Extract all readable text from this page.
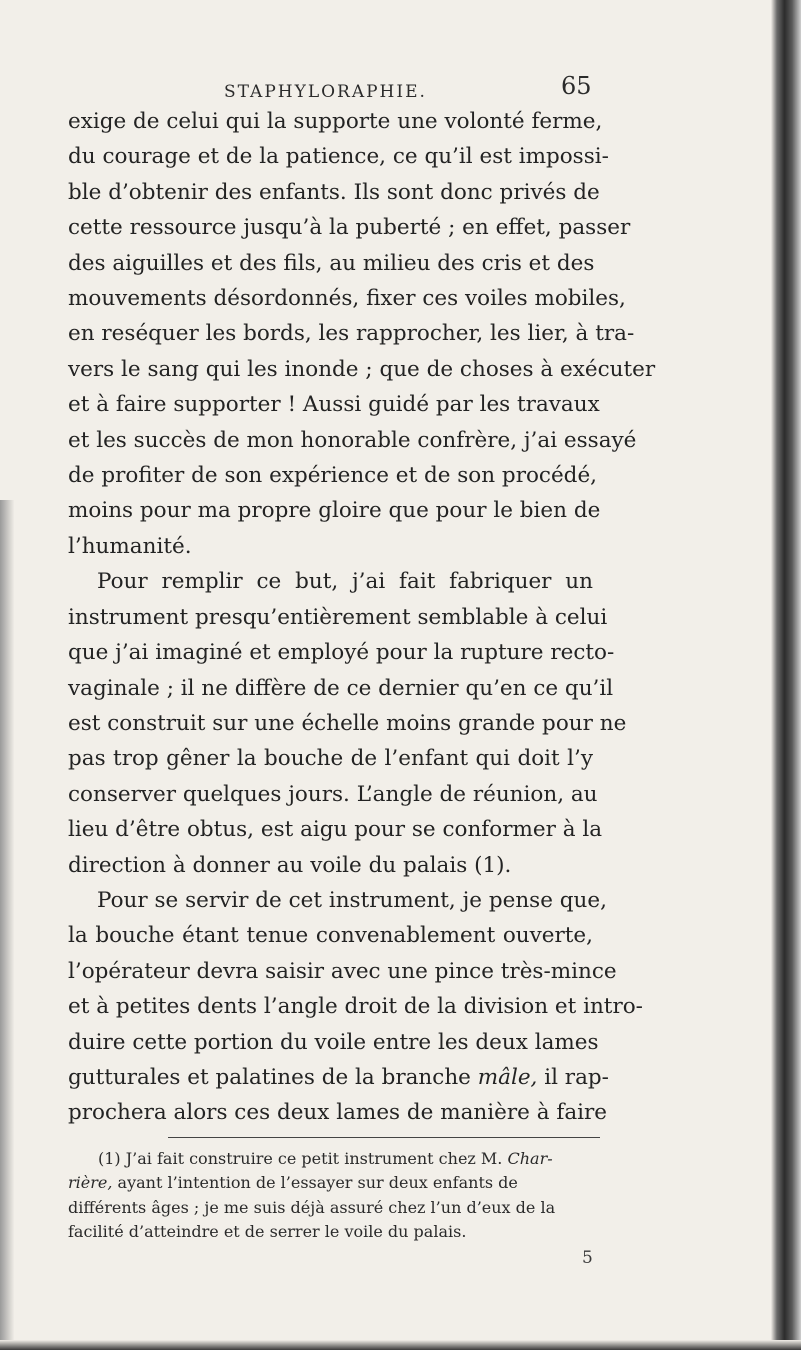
STAPHYLORAPHIE.	65
exige de celui qui la supporte une volonté ferme,
du courage et de la patience, ce qu’il est impossi-
ble d’obtenir des enfants. Ils sont donc privés de
cette ressource jusqu’à la puberté ; en effet, passer
des aiguilles et des fils, au milieu des cris et des
mouvements désordonnés, fixer ces voiles mobiles,
en reséquer les bords, les rapprocher, les lier, à tra-
vers le sang qui les inonde ; que de choses à exécuter
et à faire supporter ! Aussi guidé par les travaux
et les succès de mon honorable confrère, j’ai essayé
de profiter de son expérience et de son procédé,
moins pour ma propre gloire que pour le bien de
l’humanité.
Pour remplir ce but, j’ai fait fabriquer un
instrument presqu’entièrement semblable à celui
que j’ai imaginé et employé pour la rupture recto-
vaginale ; il ne diffère de ce dernier qu’en ce qu’il
est construit sur une échelle moins grande pour ne
pas trop gêner la bouche de l’enfant qui doit l’y
conserver quelques jours. L’angle de réunion, au
lieu d’être obtus, est aigu pour se conformer à la
direction à donner au voile du palais (1).
Pour se servir de cet instrument, je pense que,
la bouche étant tenue convenablement ouverte,
l’opérateur devra saisir avec une pince très-mince
et à petites dents l’angle droit de la division et intro-
duire cette portion du voile entre les deux lames
gutturales et palatines de la branche mâle, il rap-
prochera alors ces deux lames de manière à faire
(1) J’ai fait construire ce petit instrument chez M. Char-
rière, ayant l’intention de l’essayer sur deux enfants de
différents âges ; je me suis déjà assuré chez l’un d’eux de la
facilité d’atteindre et de serrer le voile du palais.
5
